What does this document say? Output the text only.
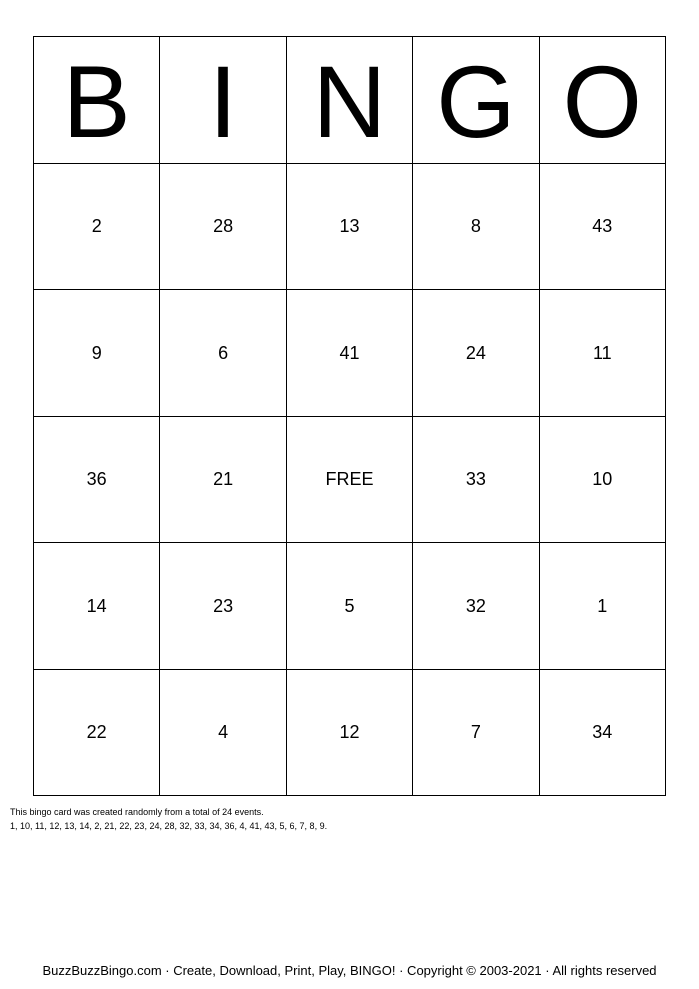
B I N G O
2	28	13	8	43
9	6	41	24	11
36	21	FREE	33	10
14	23	5	32	1
22	4	12	7	34
This bingo card was created randomly from a total of 24 events.
1, 10, 11, 12, 13, 14, 2, 21, 22, 23, 24, 28, 32, 33, 34, 36, 4, 41, 43, 5, 6, 7, 8, 9.
BuzzBuzzBingo.com · Create, Download, Print, Play, BINGO! · Copyright © 2003-2021 · All rights reserved
